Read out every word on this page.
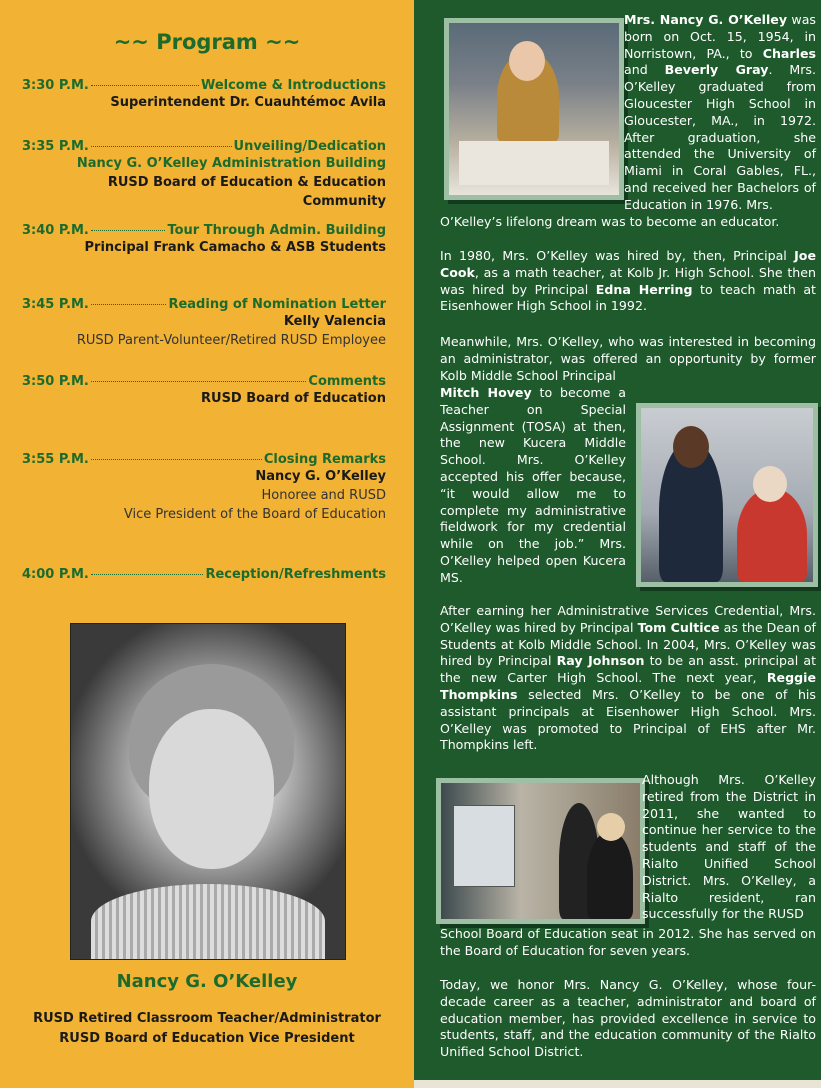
~~ Program ~~
3:30 P.M.	Welcome & Introductions
Superintendent Dr. Cuauhtémoc Avila
3:35 P.M.	Unveiling/Dedication
Nancy G. O’Kelley Administration Building
RUSD Board of Education & Education Community
3:40 P.M.	Tour Through Admin. Building
Principal Frank Camacho & ASB Students
3:45 P.M.	Reading of Nomination Letter
Kelly Valencia
RUSD Parent-Volunteer/Retired RUSD Employee
3:50 P.M.	Comments
RUSD Board of Education
3:55 P.M.	Closing Remarks
Nancy G. O’Kelley
Honoree and RUSD
Vice President of the Board of Education
4:00 P.M.	Reception/Refreshments
Nancy G. O’Kelley
RUSD Retired Classroom Teacher/Administrator
RUSD Board of Education Vice President
Mrs. Nancy G. O’Kelley was born on Oct. 15, 1954, in Norristown, PA., to Charles and Beverly Gray. Mrs. O’Kelley graduated from Gloucester High School in Gloucester, MA., in 1972. After graduation, she attended the University of Miami in Coral Gables, FL., and received her Bachelors of Education in 1976. Mrs.
O’Kelley’s lifelong dream was to become an educator.
In 1980, Mrs. O’Kelley was hired by, then, Principal Joe Cook, as a math teacher, at Kolb Jr. High School. She then was hired by Principal Edna Herring to teach math at Eisenhower High School in 1992.
Meanwhile, Mrs. O’Kelley, who was interested in becoming an administrator, was offered an opportunity by former Kolb Middle School Principal
Mitch Hovey to become a Teacher on Special Assignment (TOSA) at then, the new Kucera Middle School. Mrs. O’Kelley accepted his offer because, “it would allow me to complete my administrative fieldwork for my credential while on the job.” Mrs. O’Kelley helped open Kucera MS.
After earning her Administrative Services Credential, Mrs. O’Kelley was hired by Principal Tom Cultice as the Dean of Students at Kolb Middle School. In 2004, Mrs. O’Kelley was hired by Principal Ray Johnson to be an asst. principal at the new Carter High School. The next year, Reggie Thompkins selected Mrs. O’Kelley to be one of his assistant principals at Eisenhower High School. Mrs. O’Kelley was promoted to Principal of EHS after Mr. Thompkins left.
Although Mrs. O’Kelley retired from the District in 2011, she wanted to continue her service to the students and staff of the Rialto Unified School District. Mrs. O’Kelley, a Rialto resident, ran successfully for the RUSD
School Board of Education seat in 2012. She has served on the Board of Education for seven years.
Today, we honor Mrs. Nancy G. O’Kelley, whose four-decade career as a teacher, administrator and board of education member, has provided excellence in service to students, staff, and the education community of the Rialto Unified School District.
